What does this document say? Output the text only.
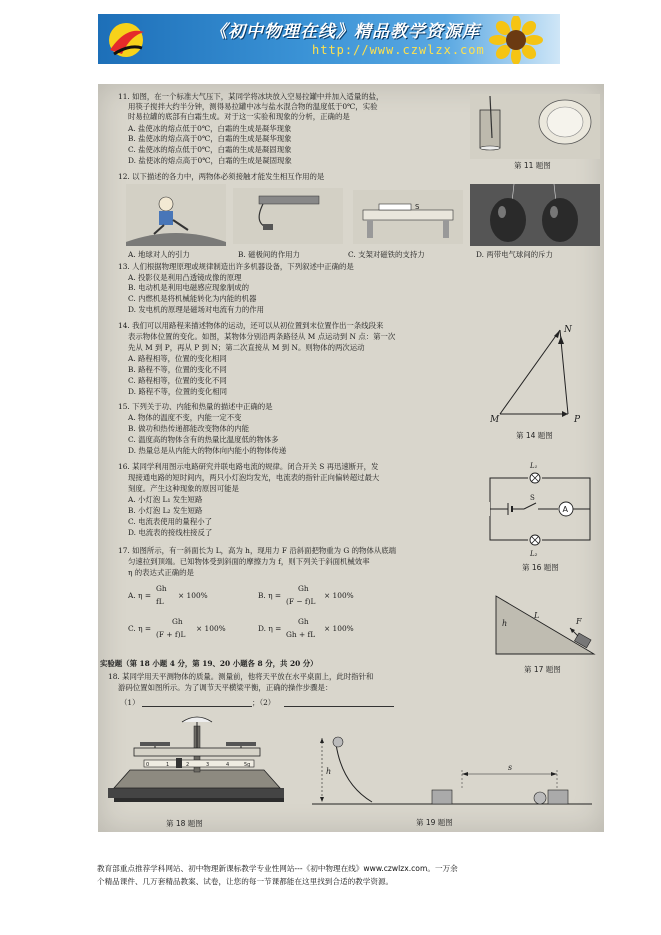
《初中物理在线》精品教学资源库
http://www.czwlzx.com
11. 如图，在一个标准大气压下，某同学将冰块放入空易拉罐中并加入适量的盐，
用筷子搅拌大约半分钟，测得易拉罐中冰与盐水混合物的温度低于0℃，实验
时易拉罐的底部有白霜生成。对于这一实验和现象的分析，正确的是
A. 盐使冰的熔点低于0℃，白霜的生成是凝华现象
B. 盐使冰的熔点高于0℃，白霜的生成是凝华现象
C. 盐使冰的熔点低于0℃，白霜的生成是凝固现象
D. 盐使冰的熔点高于0℃，白霜的生成是凝固现象
第 11 题图
12. 以下描述的各力中，两物体必须接触才能发生相互作用的是
S
A. 地球对人的引力	B. 磁极间的作用力	C. 支架对磁铁的支持力	D. 两带电气球间的斥力
13. 人们根据物理原理或规律制造出许多机器设备，下列叙述中正确的是
A. 投影仪是利用凸透镜成像的原理
B. 电动机是利用电磁感应现象制成的
C. 内燃机是将机械能转化为内能的机器
D. 发电机的原理是磁场对电流有力的作用
14. 我们可以用路程来描述物体的运动，还可以从初位置到末位置作出一条线段来
表示物体位置的变化。如图，某物体分别沿两条路径从 M 点运动到 N 点：第一次
先从 M 到 P，再从 P 到 N；第二次直接从 M 到 N。则物体的两次运动
A. 路程相等，位置的变化相同
B. 路程不等，位置的变化不同
C. 路程相等，位置的变化不同
D. 路程不等，位置的变化相同
M
N
P
第 14 题图
15. 下列关于功、内能和热量的描述中正确的是
A. 物体的温度不变，内能一定不变
B. 做功和热传递都能改变物体的内能
C. 温度高的物体含有的热量比温度低的物体多
D. 热量总是从内能大的物体向内能小的物体传递
16. 某同学利用图示电路研究并联电路电流的规律。闭合开关 S 再迅速断开，发
现接通电路的短时间内，两只小灯泡均发光，电流表的指针正向偏转超过最大
刻度。产生这种现象的原因可能是
A. 小灯泡 L₁ 发生短路
B. 小灯泡 L₂ 发生短路
C. 电流表使用的量程小了
D. 电流表的接线柱接反了
A
S
L₁
L₂
第 16 题图
17. 如图所示，有一斜面长为 L，高为 h，现用力 F 沿斜面把物重为 G 的物体从底端
匀速拉到顶端。已知物体受到斜面的摩擦力为 f，则下列关于斜面机械效率
η 的表达式正确的是
A. η =
Gh
fL
× 100%	B. η =
Gh
(F − f)L
× 100%
C. η =
Gh
(F + f)L
× 100%	D. η =
Gh
Gh + fL
× 100%
L
h	F
第 17 题图
实验题（第 18 小题 4 分，第 19、20 小题各 8 分，共 20 分）
18. 某同学用天平测物体的质量。测量前，他将天平放在水平桌面上，此时指针和
游码位置如图所示。为了调节天平横梁平衡，正确的操作步骤是：
（1）	；（2）
0	1	2	3	4	5g
第 18 题图
h	s
第 19 题图
教育部重点推荐学科网站、初中物理新课标教学专业性网站---《初中物理在线》www.czwlzx.com。一万余
个精品课件、几万套精品教案、试卷，让您的每一节课都能在这里找到合适的教学资源。
